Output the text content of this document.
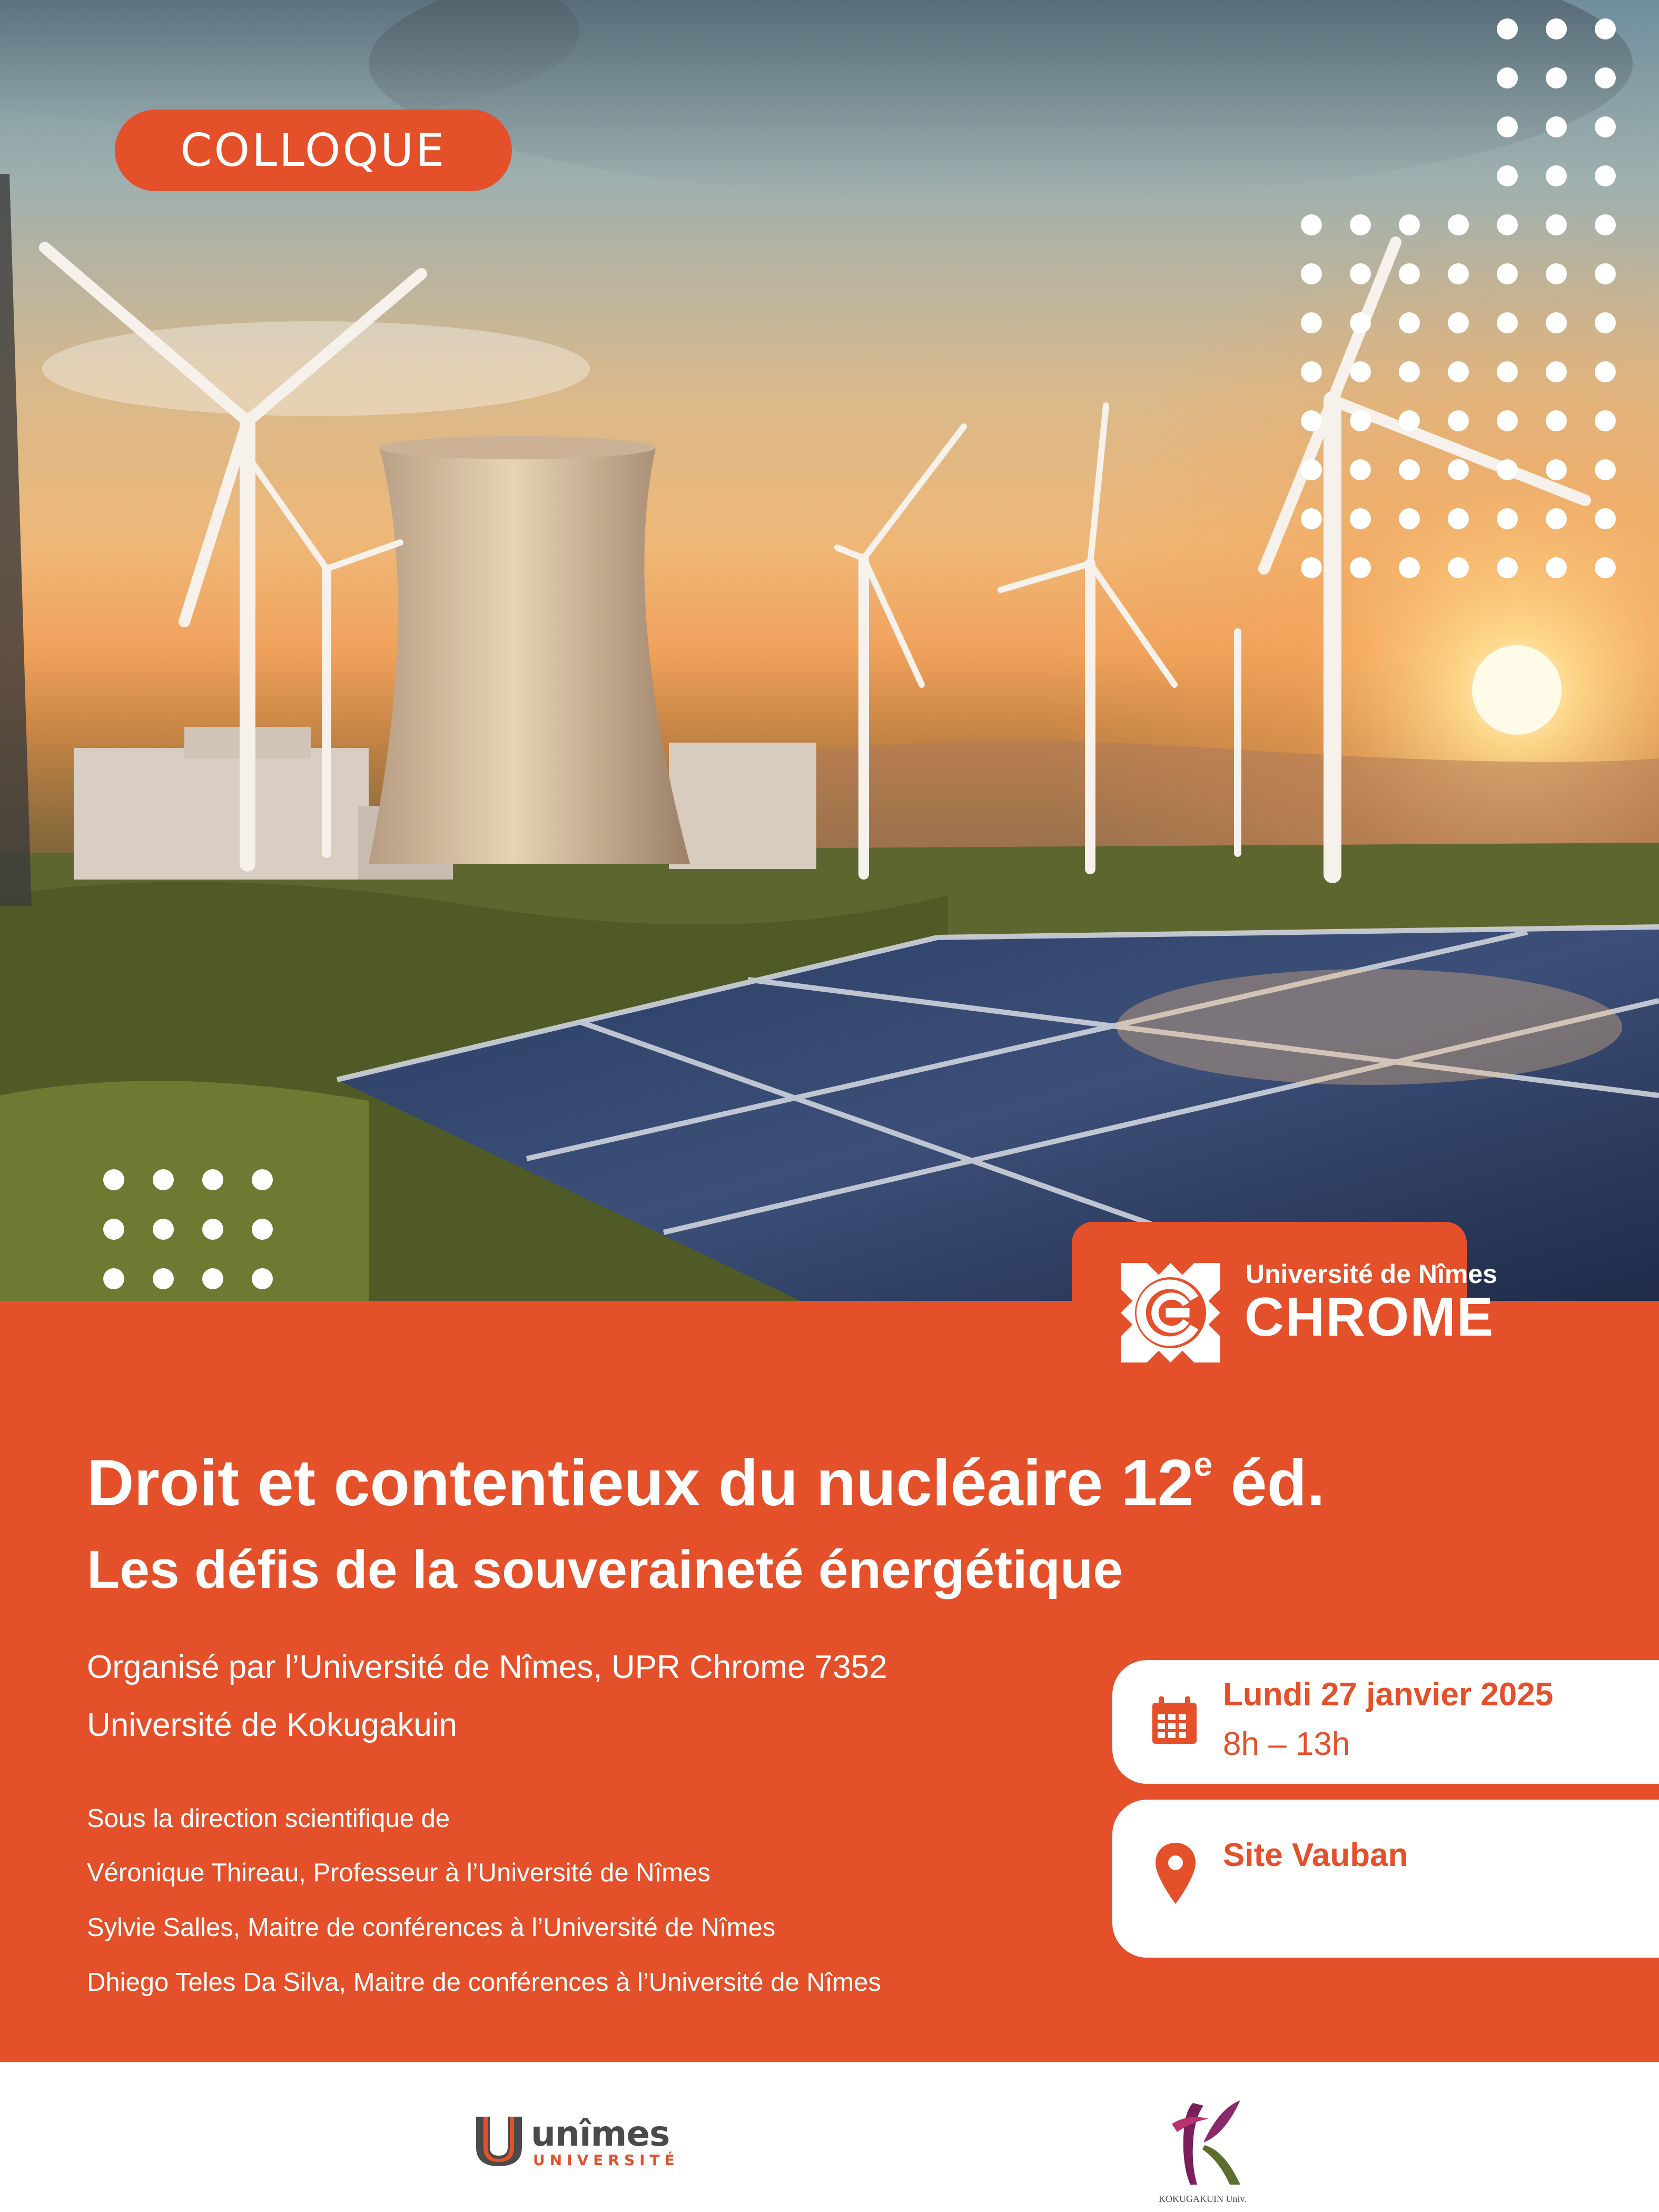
COLLOQUE
Université de Nîmes
CHROME
Droit et contentieux du nucléaire 12e éd.
Les défis de la souveraineté énergétique
Organisé par l’Université de Nîmes, UPR Chrome 7352
Université de Kokugakuin
Sous la direction scientifique de
Véronique Thireau, Professeur à l’Université de Nîmes
Sylvie Salles, Maitre de conférences à l’Université de Nîmes
Dhiego Teles Da Silva, Maitre de conférences à l’Université de Nîmes
Lundi 27 janvier 2025
8h – 13h
Site Vauban
unîmes
UNIVERSITÉ
KOKUGAKUIN Univ.
